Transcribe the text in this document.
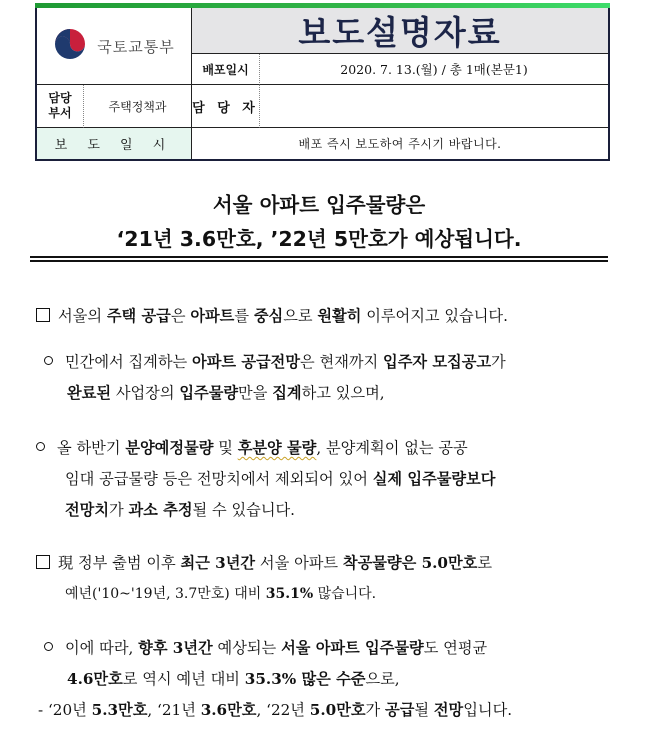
국토교통부	보도설명자료
배포일시	2020. 7. 13.(월) / 총 1매(본문1)
담당
부서	주택정책과	담 당 자
보 도 일 시	배포 즉시 보도하여 주시기 바랍니다.
서울 아파트 입주물량은
‘21년 3.6만호, ’22년 5만호가 예상됩니다.
서울의 주택 공급은 아파트를 중심으로 원활히 이루어지고 있습니다.
민간에서 집계하는 아파트 공급전망은 현재까지 입주자 모집공고가
완료된 사업장의 입주물량만을 집계하고 있으며,
올 하반기 분양예정물량 및 후분양 물량, 분양계획이 없는 공공
임대 공급물량 등은 전망치에서 제외되어 있어 실제 입주물량보다
전망치가 과소 추정될 수 있습니다.
現 정부 출범 이후 최근 3년간 서울 아파트 착공물량은 5.0만호로
예년('10~'19년, 3.7만호) 대비 35.1% 많습니다.
이에 따라, 향후 3년간 예상되는 서울 아파트 입주물량도 연평균
4.6만호로 역시 예년 대비 35.3% 많은 수준으로,
- ‘20년 5.3만호, ‘21년 3.6만호, ‘22년 5.0만호가 공급될 전망입니다.
